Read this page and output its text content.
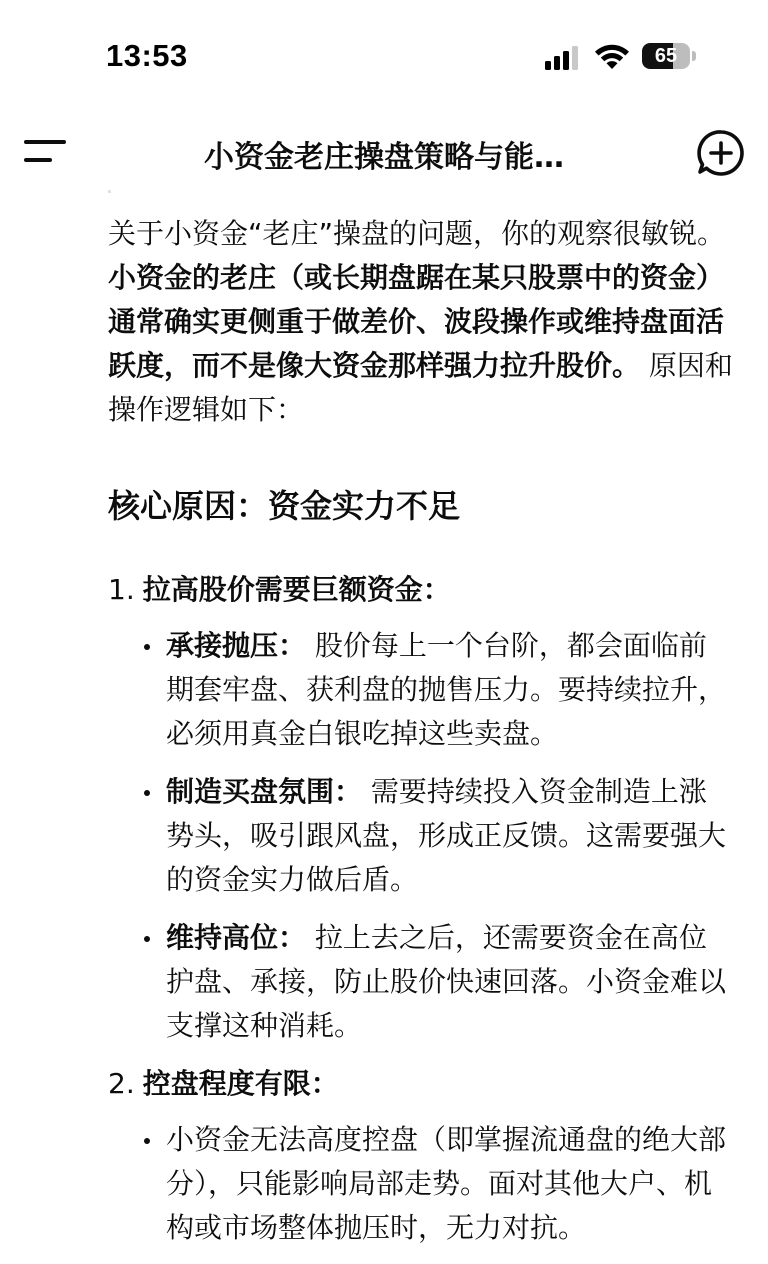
13:53	65
小资金老庄操盘策略与能…

关于小资金“老庄”操盘的问题，你的观察很敏锐。小资金的老庄（或长期盘踞在某只股票中的资金）通常确实更侧重于做差价、波段操作或维持盘面活跃度，而不是像大资金那样强力拉升股价。 原因和操作逻辑如下：

核心原因：资金实力不足
1. 拉高股价需要巨额资金：
承接抛压： 股价每上一个台阶，都会面临前期套牢盘、获利盘的抛售压力。要持续拉升，必须用真金白银吃掉这些卖盘。
制造买盘氛围： 需要持续投入资金制造上涨势头，吸引跟风盘，形成正反馈。这需要强大的资金实力做后盾。
维持高位： 拉上去之后，还需要资金在高位护盘、承接，防止股价快速回落。小资金难以支撑这种消耗。
2. 控盘程度有限：
小资金无法高度控盘（即掌握流通盘的绝大部分），只能影响局部走势。面对其他大户、机构或市场整体抛压时，无力对抗。
